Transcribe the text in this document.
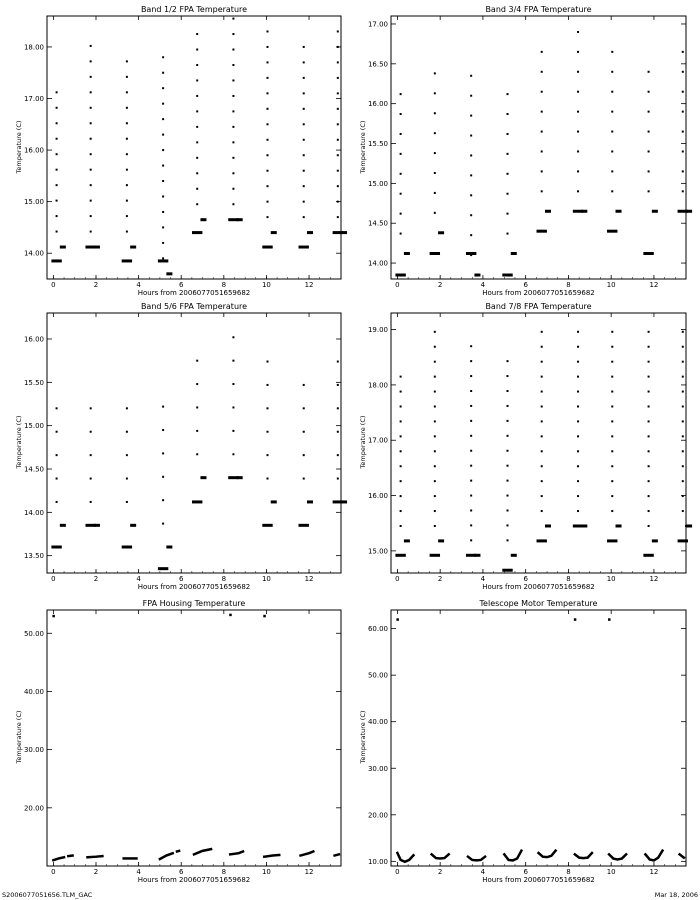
Band 1/2 FPA Temperature
Hours from 2006077051659682
Temperature (C)
0	2	4	6	8	10	12
14.00
15.00
16.00
17.00
18.00
Band 3/4 FPA Temperature
Hours from 2006077051659682
Temperature (C)
0	2	4	6	8	10	12
14.00
14.50
15.00
15.50
16.00
16.50
17.00
Band 5/6 FPA Temperature
Hours from 2006077051659682
Temperature (C)
0	2	4	6	8	10	12
13.50
14.00
14.50
15.00
15.50
16.00
Band 7/8 FPA Temperature
Hours from 2006077051659682
Temperature (C)
0	2	4	6	8	10	12
15.00
16.00
17.00
18.00
19.00
FPA Housing Temperature
Hours from 2006077051659682
Temperature (C)
0	2	4	6	8	10	12
20.00
30.00
40.00
50.00
Telescope Motor Temperature
Hours from 2006077051659682
Temperature (C)
0	2	4	6	8	10	12
10.00
20.00
30.00
40.00
50.00
60.00
S2006077051656.TLM_GAC	Mar 18, 2006
